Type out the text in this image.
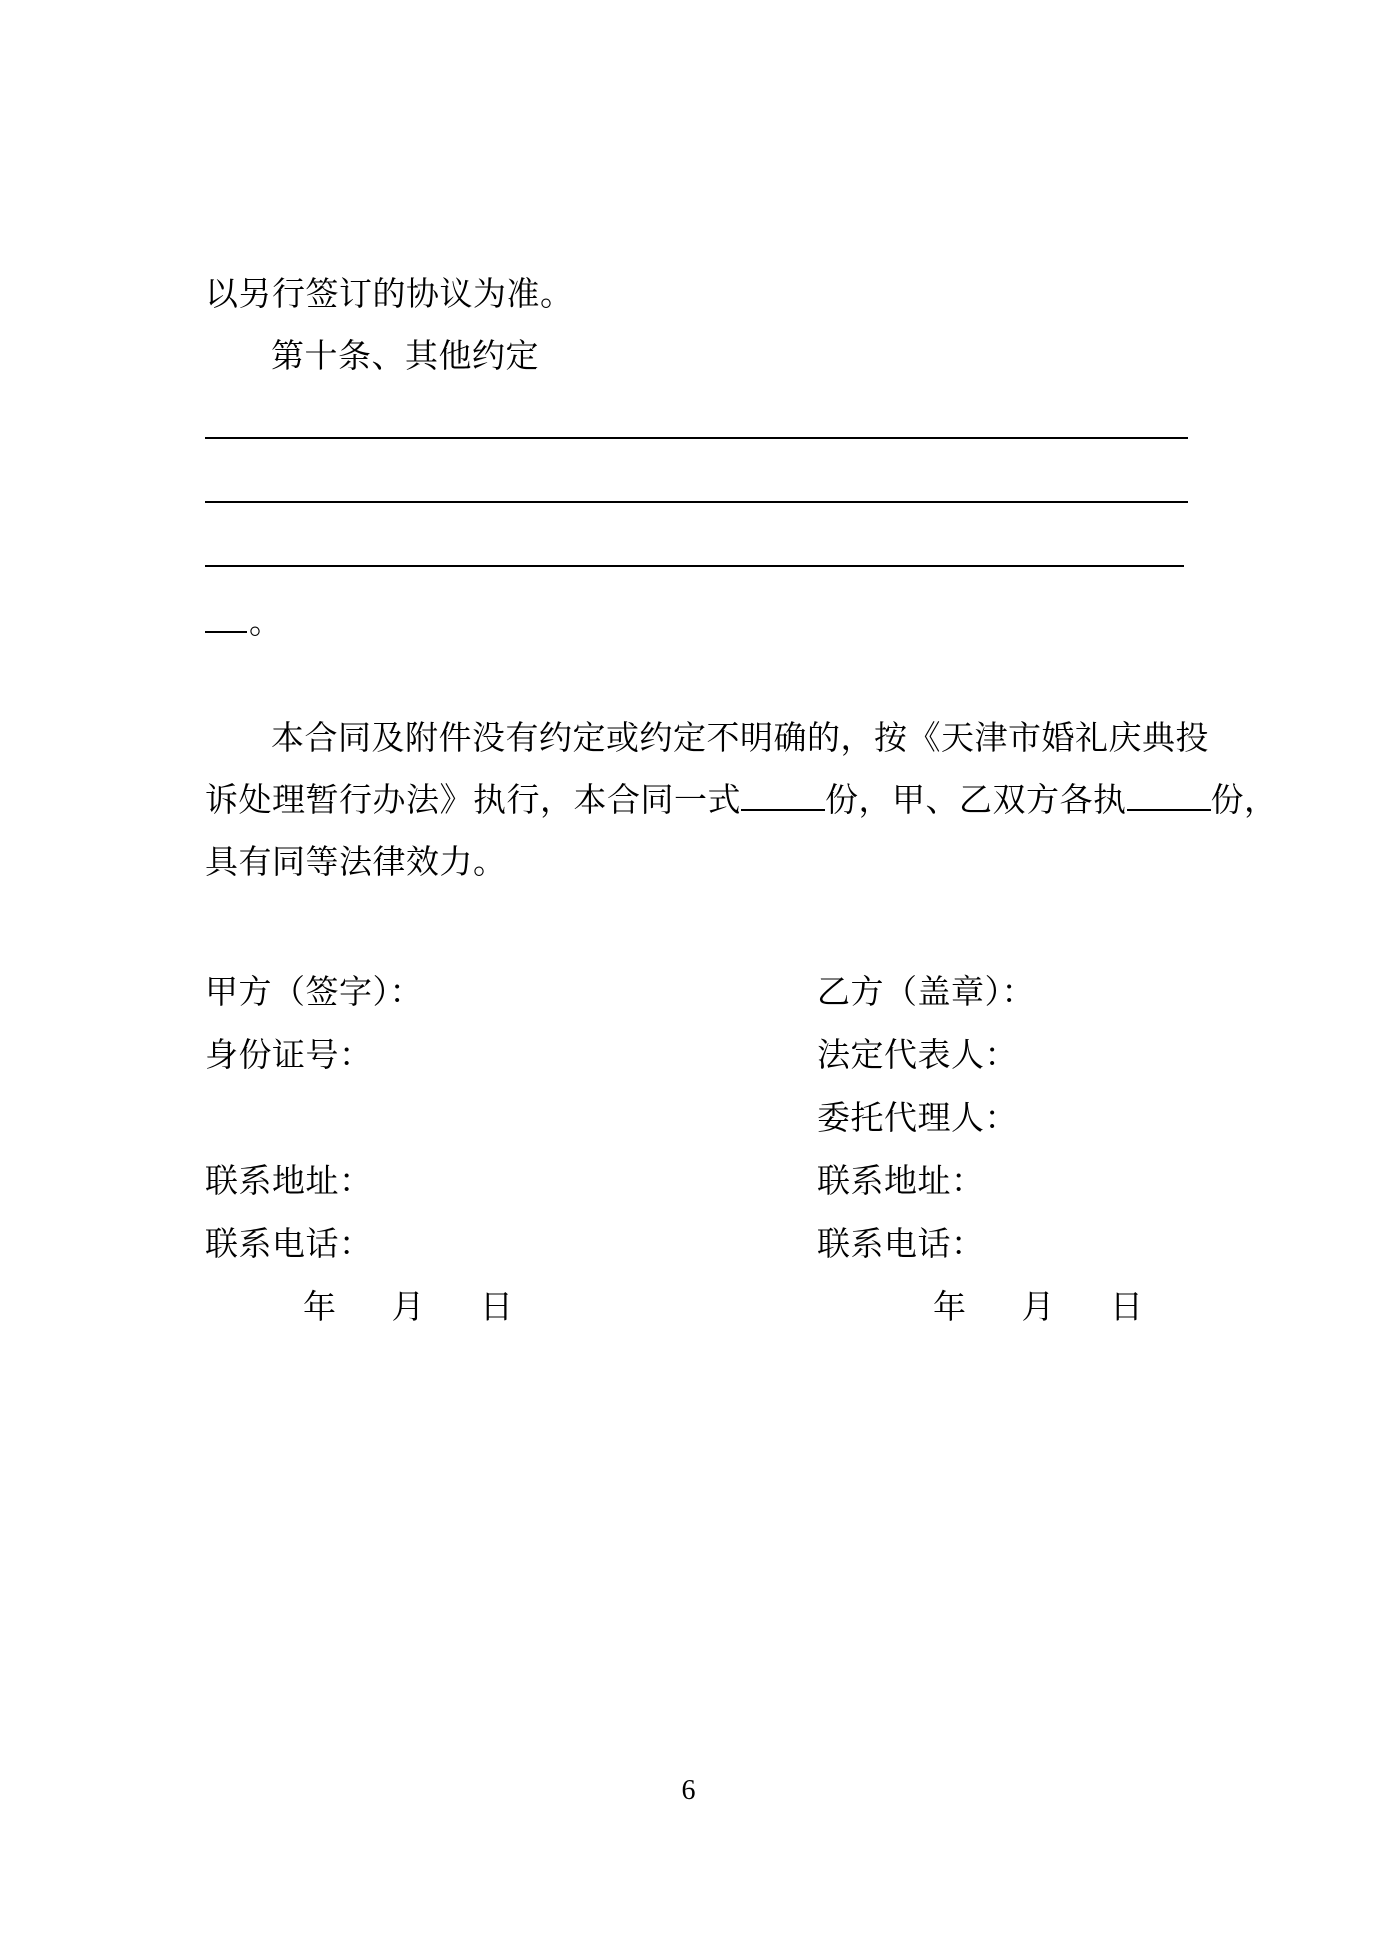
以另行签订的协议为准。
第十条、其他约定
。
本合同及附件没有约定或约定不明确的，按《天津市婚礼庆典投
诉处理暂行办法》执行，本合同一式	份，甲、乙双方各执	份，
具有同等法律效力。
甲方（签字）：
身份证号：
联系地址：
联系电话：
年 月 日
乙方（盖章）：
法定代表人：
委托代理人：
联系地址：
联系电话：
年 月 日
6
